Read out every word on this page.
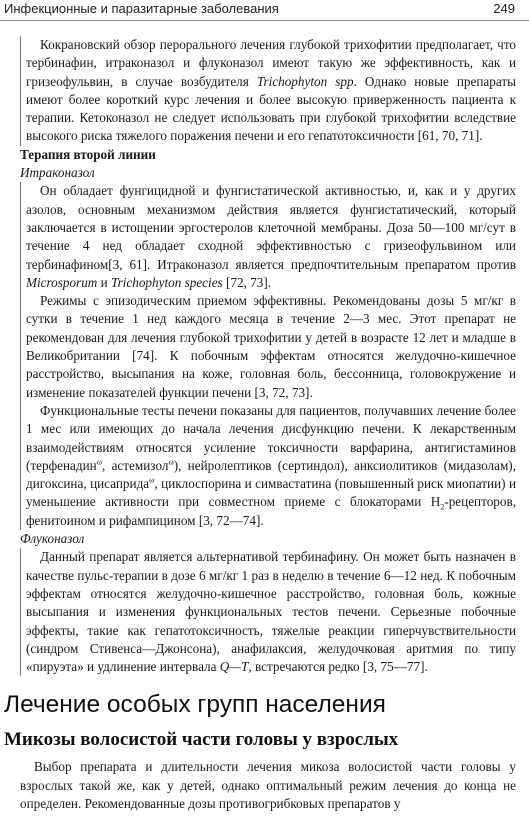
Инфекционные и паразитарные заболевания	249

Кокрановский обзор перорального лечения глубокой трихофитии предполагает, что тербинафин, итраконазол и флуконазол имеют такую же эффективность, как и гризеофульвин, в случае возбудителя Trichophyton spp. Однако новые препараты имеют более короткий курс лечения и более высокую приверженность пациента к терапии. Кетоконазол не следует использовать при глубокой трихофитии вследствие высокого риска тяжелого поражения печени и его гепатотоксичности [61, 70, 71].

Терапия второй линии
Итраконазол

Он обладает фунгицидной и фунгистатической активностью, и, как и у других азолов, основным механизмом действия является фунгистатический, который заключается в истощении эргостеролов клеточной мембраны. Доза 50—100 мг/сут в течение 4 нед обладает сходной эффективностью с гризеофульвином или тербинафином[3, 61]. Итраконазол является предпочтительным препаратом против Microsporum и Trichophyton species [72, 73].

Режимы с эпизодическим приемом эффективны. Рекомендованы дозы 5 мг/кг в сутки в течение 1 нед каждого месяца в течение 2—3 мес. Этот препарат не рекомендован для лечения глубокой трихофитии у детей в возрасте 12 лет и младше в Великобритании [74]. К побочным эффектам относятся желудочно-кишечное расстройство, высыпания на коже, головная боль, бессонница, головокружение и изменение показателей функции печени [3, 72, 73].

Функциональные тесты печени показаны для пациентов, получавших лечение более 1 мес или имеющих до начала лечения дисфункцию печени. К лекарственным взаимодействиям относятся усиление токсичности варфарина, антигистаминов (терфенадин$^\omega$, астемизол$^\omega$), нейролептиков (сертиндол), анксиолитиков (мидазолам), дигоксина, цисаприда$^\omega$, циклоспорина и симвастатина (повышенный риск миопатии) и уменьшение активности при совместном приеме с блокаторами $H_2$-рецепторов, фенитоином и рифампицином [3, 72—74].

Флуконазол

Данный препарат является альтернативой тербинафину. Он может быть назначен в качестве пульс-терапии в дозе 6 мг/кг 1 раз в неделю в течение 6—12 нед. К побочным эффектам относятся желудочно-кишечное расстройство, головная боль, кожные высыпания и изменения функциональных тестов печени. Серьезные побочные эффекты, такие как гепатотоксичность, тяжелые реакции гиперчувствительности (синдром Стивенса—Джонсона), анафилаксия, желудочковая аритмия по типу «пируэта» и удлинение интервала Q—T, встречаются редко [3, 75—77].

Лечение особых групп населения
Микозы волосистой части головы у взрослых

Выбор препарата и длительности лечения микоза волосистой части головы у взрослых такой же, как у детей, однако оптимальный режим лечения до конца не определен. Рекомендованные дозы противогрибковых препаратов у
